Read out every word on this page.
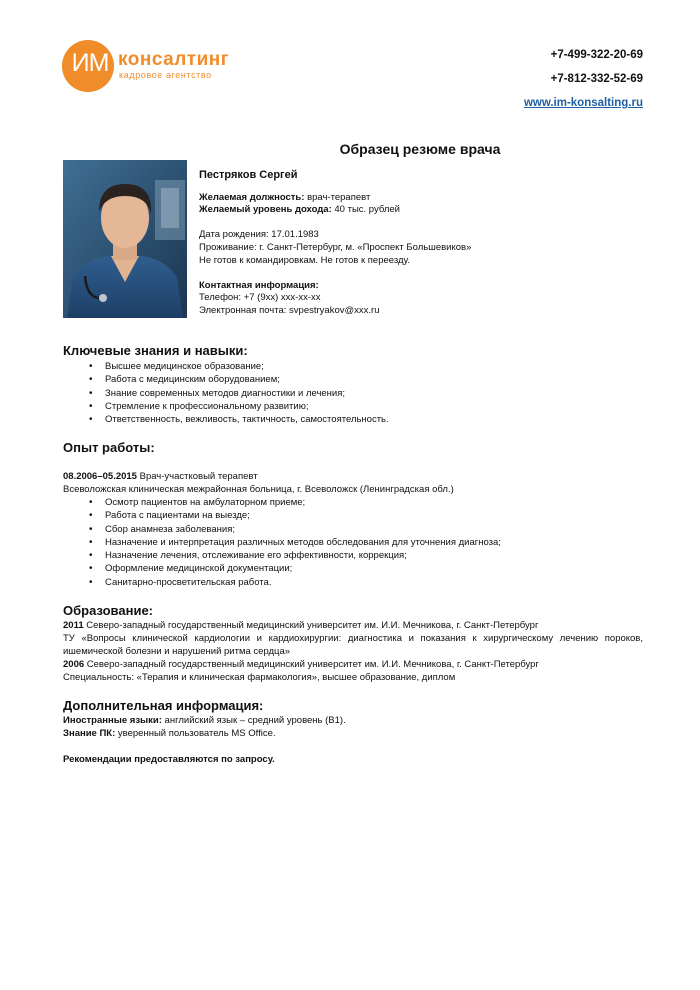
ИМ консалтинг
кадровое агентство
+7-499-322-20-69
+7-812-332-52-69
www.im-konsalting.ru
Образец резюме врача
Пестряков Сергей
Желаемая должность: врач-терапевт
Желаемый уровень дохода: 40 тыс. рублей
Дата рождения: 17.01.1983
Проживание: г. Санкт-Петербург, м. «Проспект Большевиков»
Не готов к командировкам. Не готов к переезду.
Контактная информация:
Телефон: +7 (9хх) ххх-хх-хх
Электронная почта: svpestryakov@xxx.ru
Ключевые знания и навыки:
• Высшее медицинское образование;
• Работа с медицинским оборудованием;
• Знание современных методов диагностики и лечения;
• Стремление к профессиональному развитию;
• Ответственность, вежливость, тактичность, самостоятельность.
Опыт работы:
08.2006–05.2015 Врач-участковый терапевт
Всеволожская клиническая межрайонная больница, г. Всеволожск (Ленинградская обл.)
• Осмотр пациентов на амбулаторном приеме;
• Работа с пациентами на выезде;
• Сбор анамнеза заболевания;
• Назначение и интерпретация различных методов обследования для уточнения диагноза;
• Назначение лечения, отслеживание его эффективности, коррекция;
• Оформление медицинской документации;
• Санитарно-просветительская работа.
Образование:
2011 Северо-западный государственный медицинский университет им. И.И. Мечникова, г. Санкт-Петербург
ТУ «Вопросы клинической кардиологии и кардиохирургии: диагностика и показания к хирургическому лечению пороков, ишемической болезни и нарушений ритма сердца»
2006 Северо-западный государственный медицинский университет им. И.И. Мечникова, г. Санкт-Петербург
Специальность: «Терапия и клиническая фармакология», высшее образование, диплом
Дополнительная информация:
Иностранные языки: английский язык – средний уровень (B1).
Знание ПК: уверенный пользователь MS Office.
Рекомендации предоставляются по запросу.
